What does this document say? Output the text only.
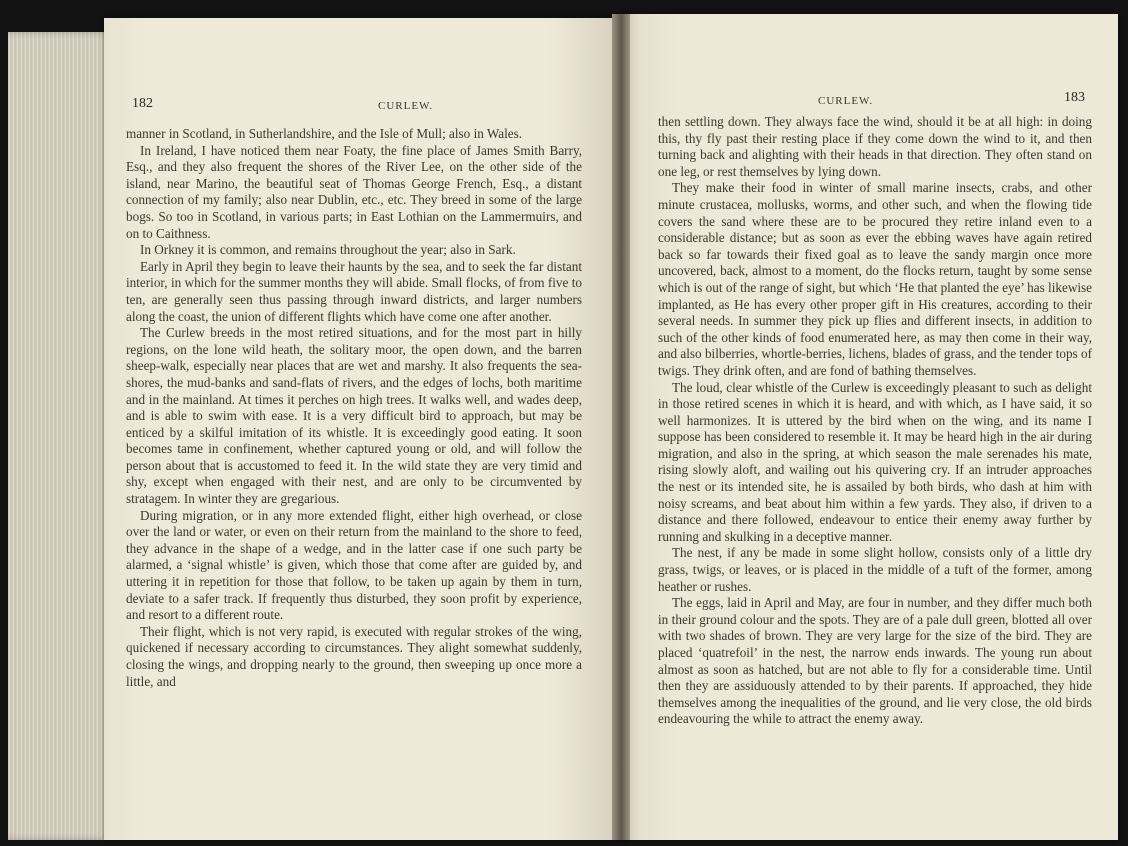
182	CURLEW.	CURLEW.	183

manner in Scotland, in Sutherlandshire, and the Isle of Mull; also in Wales.

In Ireland, I have noticed them near Foaty, the fine place of James Smith Barry, Esq., and they also frequent the shores of the River Lee, on the other side of the island, near Marino, the beautiful seat of Thomas George French, Esq., a distant connection of my family; also near Dublin, etc., etc. They breed in some of the large bogs. So too in Scotland, in various parts; in East Lothian on the Lammermuirs, and on to Caithness.

In Orkney it is common, and remains throughout the year; also in Sark.

Early in April they begin to leave their haunts by the sea, and to seek the far distant interior, in which for the summer months they will abide. Small flocks, of from five to ten, are generally seen thus passing through inward districts, and larger numbers along the coast, the union of different flights which have come one after another.

The Curlew breeds in the most retired situations, and for the most part in hilly regions, on the lone wild heath, the solitary moor, the open down, and the barren sheep-walk, especially near places that are wet and marshy. It also frequents the sea-shores, the mud-banks and sand-flats of rivers, and the edges of lochs, both maritime and in the mainland. At times it perches on high trees. It walks well, and wades deep, and is able to swim with ease. It is a very difficult bird to approach, but may be enticed by a skilful imitation of its whistle. It is exceedingly good eating. It soon becomes tame in confinement, whether captured young or old, and will follow the person about that is accustomed to feed it. In the wild state they are very timid and shy, except when engaged with their nest, and are only to be circumvented by stratagem. In winter they are gregarious.

During migration, or in any more extended flight, either high overhead, or close over the land or water, or even on their return from the mainland to the shore to feed, they advance in the shape of a wedge, and in the latter case if one such party be alarmed, a ‘signal whistle’ is given, which those that come after are guided by, and uttering it in repetition for those that follow, to be taken up again by them in turn, deviate to a safer track. If frequently thus disturbed, they soon profit by experience, and resort to a different route.

Their flight, which is not very rapid, is executed with regular strokes of the wing, quickened if necessary according to circumstances. They alight somewhat suddenly, closing the wings, and dropping nearly to the ground, then sweeping up once more a little, and

then settling down. They always face the wind, should it be at all high: in doing this, thy fly past their resting place if they come down the wind to it, and then turning back and alighting with their heads in that direction. They often stand on one leg, or rest themselves by lying down.

They make their food in winter of small marine insects, crabs, and other minute crustacea, mollusks, worms, and other such, and when the flowing tide covers the sand where these are to be procured they retire inland even to a considerable distance; but as soon as ever the ebbing waves have again retired back so far towards their fixed goal as to leave the sandy margin once more uncovered, back, almost to a moment, do the flocks return, taught by some sense which is out of the range of sight, but which ‘He that planted the eye’ has likewise implanted, as He has every other proper gift in His creatures, according to their several needs. In summer they pick up flies and different insects, in addition to such of the other kinds of food enumerated here, as may then come in their way, and also bilberries, whortle-berries, lichens, blades of grass, and the tender tops of twigs. They drink often, and are fond of bathing themselves.

The loud, clear whistle of the Curlew is exceedingly pleasant to such as delight in those retired scenes in which it is heard, and with which, as I have said, it so well harmonizes. It is uttered by the bird when on the wing, and its name I suppose has been considered to resemble it. It may be heard high in the air during migration, and also in the spring, at which season the male serenades his mate, rising slowly aloft, and wailing out his quivering cry. If an intruder approaches the nest or its intended site, he is assailed by both birds, who dash at him with noisy screams, and beat about him within a few yards. They also, if driven to a distance and there followed, endeavour to entice their enemy away further by running and skulking in a deceptive manner.

The nest, if any be made in some slight hollow, consists only of a little dry grass, twigs, or leaves, or is placed in the middle of a tuft of the former, among heather or rushes.

The eggs, laid in April and May, are four in number, and they differ much both in their ground colour and the spots. They are of a pale dull green, blotted all over with two shades of brown. They are very large for the size of the bird. They are placed ‘quatrefoil’ in the nest, the narrow ends inwards. The young run about almost as soon as hatched, but are not able to fly for a considerable time. Until then they are assiduously attended to by their parents. If approached, they hide themselves among the inequalities of the ground, and lie very close, the old birds endeavouring the while to attract the enemy away.
